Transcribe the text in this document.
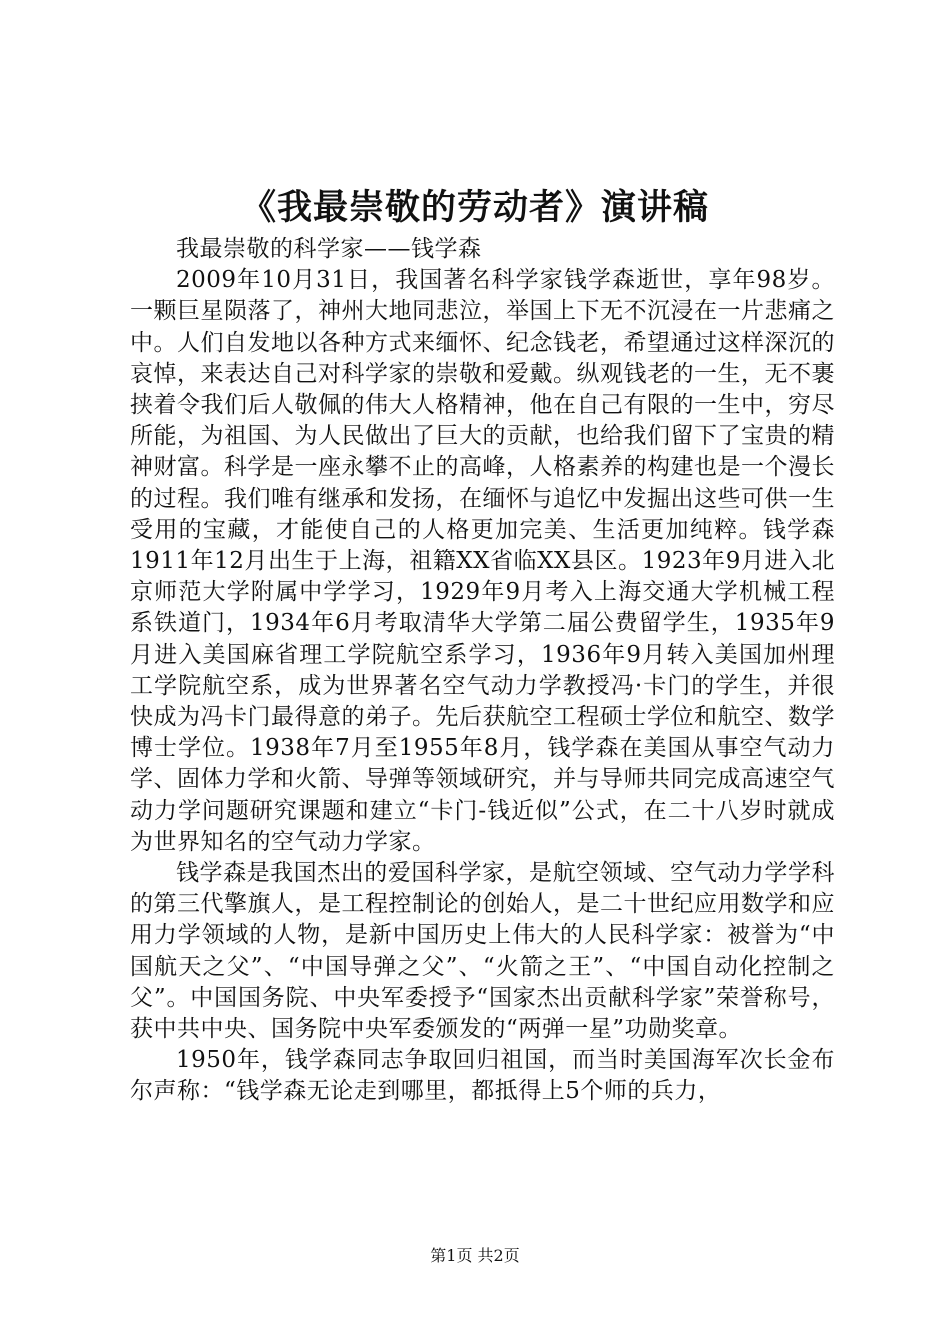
《我最崇敬的劳动者》演讲稿

我最崇敬的科学家——钱学森

2009年10月31日，我国著名科学家钱学森逝世，享年98岁。一颗巨星陨落了，神州大地同悲泣，举国上下无不沉浸在一片悲痛之中。人们自发地以各种方式来缅怀、纪念钱老，希望通过这样深沉的哀悼，来表达自己对科学家的崇敬和爱戴。纵观钱老的一生，无不裹挟着令我们后人敬佩的伟大人格精神，他在自己有限的一生中，穷尽所能，为祖国、为人民做出了巨大的贡献，也给我们留下了宝贵的精神财富。科学是一座永攀不止的高峰，人格素养的构建也是一个漫长的过程。我们唯有继承和发扬，在缅怀与追忆中发掘出这些可供一生受用的宝藏，才能使自己的人格更加完美、生活更加纯粹。钱学森1911年12月出生于上海，祖籍XX省临XX县区。1923年9月进入北京师范大学附属中学学习，1929年9月考入上海交通大学机械工程系铁道门，1934年6月考取清华大学第二届公费留学生，1935年9月进入美国麻省理工学院航空系学习，1936年9月转入美国加州理工学院航空系，成为世界著名空气动力学教授冯·卡门的学生，并很快成为冯卡门最得意的弟子。先后获航空工程硕士学位和航空、数学博士学位。1938年7月至1955年8月，钱学森在美国从事空气动力学、固体力学和火箭、导弹等领域研究，并与导师共同完成高速空气动力学问题研究课题和建立“卡门-钱近似”公式，在二十八岁时就成为世界知名的空气动力学家。

钱学森是我国杰出的爱国科学家，是航空领域、空气动力学学科的第三代擎旗人，是工程控制论的创始人，是二十世纪应用数学和应用力学领域的人物，是新中国历史上伟大的人民科学家：被誉为“中国航天之父”、“中国导弹之父”、“火箭之王”、“中国自动化控制之父”。中国国务院、中央军委授予“国家杰出贡献科学家”荣誉称号，获中共中央、国务院中央军委颁发的“两弹一星”功勋奖章。

1950年，钱学森同志争取回归祖国，而当时美国海军次长金布尔声称：“钱学森无论走到哪里，都抵得上5个师的兵力，

第1页 共2页
